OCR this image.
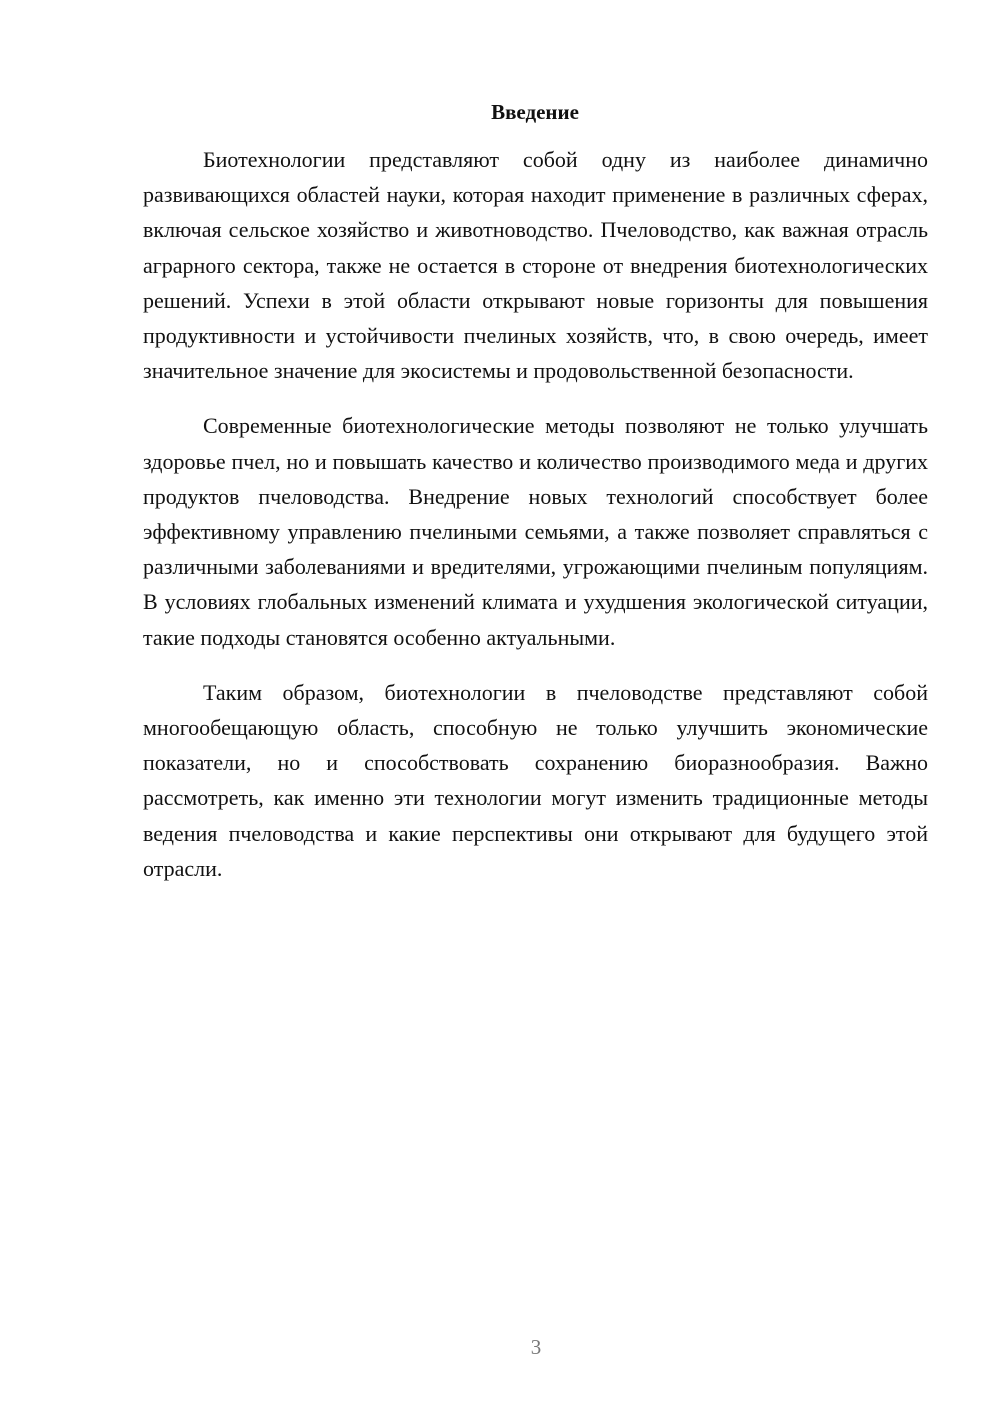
Введение

Биотехнологии представляют собой одну из наиболее динамично развивающихся областей науки, которая находит применение в различных сферах, включая сельское хозяйство и животноводство. Пчеловодство, как важная отрасль аграрного сектора, также не остается в стороне от внедрения биотехнологических решений. Успехи в этой области открывают новые горизонты для повышения продуктивности и устойчивости пчелиных хозяйств, что, в свою очередь, имеет значительное значение для экосистемы и продовольственной безопасности.

Современные биотехнологические методы позволяют не только улучшать здоровье пчел, но и повышать качество и количество производимого меда и других продуктов пчеловодства. Внедрение новых технологий способствует более эффективному управлению пчелиными семьями, а также позволяет справляться с различными заболеваниями и вредителями, угрожающими пчелиным популяциям. В условиях глобальных изменений климата и ухудшения экологической ситуации, такие подходы становятся особенно актуальными.

Таким образом, биотехнологии в пчеловодстве представляют собой многообещающую область, способную не только улучшить экономические показатели, но и способствовать сохранению биоразнообразия. Важно рассмотреть, как именно эти технологии могут изменить традиционные методы ведения пчеловодства и какие перспективы они открывают для будущего этой отрасли.

3
